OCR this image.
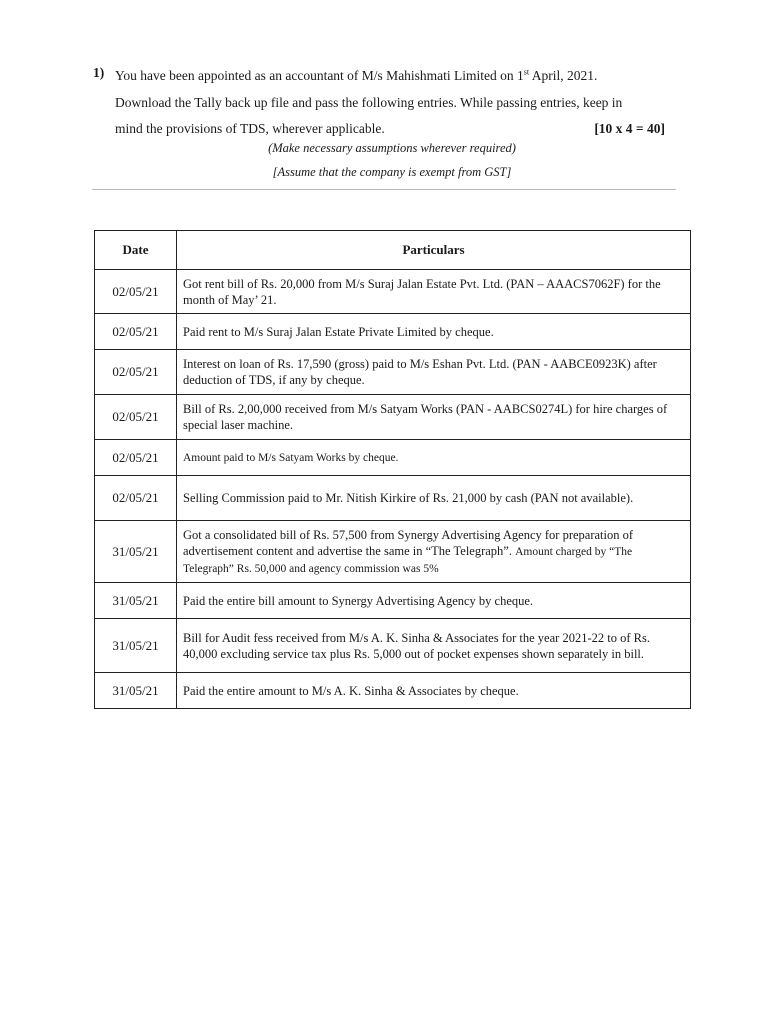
1) You have been appointed as an accountant of M/s Mahishmati Limited on 1st April, 2021.
Download the Tally back up file and pass the following entries. While passing entries, keep in
mind the provisions of TDS, wherever applicable.	[10 x 4 = 40]
(Make necessary assumptions wherever required)
[Assume that the company is exempt from GST]
Date	Particulars
02/05/21	Got rent bill of Rs. 20,000 from M/s Suraj Jalan Estate Pvt. Ltd. (PAN – AAACS7062F) for the month of May’ 21.
02/05/21	Paid rent to M/s Suraj Jalan Estate Private Limited by cheque.
02/05/21	Interest on loan of Rs. 17,590 (gross) paid to M/s Eshan Pvt. Ltd. (PAN - AABCE0923K) after deduction of TDS, if any by cheque.
02/05/21	Bill of Rs. 2,00,000 received from M/s Satyam Works (PAN - AABCS0274L) for hire charges of special laser machine.
02/05/21	Amount paid to M/s Satyam Works by cheque.
02/05/21	Selling Commission paid to Mr. Nitish Kirkire of Rs. 21,000 by cash (PAN not available).
31/05/21	Got a consolidated bill of Rs. 57,500 from Synergy Advertising Agency for preparation of advertisement content and advertise the same in “The Telegraph”. Amount charged by “The Telegraph” Rs. 50,000 and agency commission was 5%
31/05/21	Paid the entire bill amount to Synergy Advertising Agency by cheque.
31/05/21	Bill for Audit fess received from M/s A. K. Sinha & Associates for the year 2021-22 to of Rs. 40,000 excluding service tax plus Rs. 5,000 out of pocket expenses shown separately in bill.
31/05/21	Paid the entire amount to M/s A. K. Sinha & Associates by cheque.
